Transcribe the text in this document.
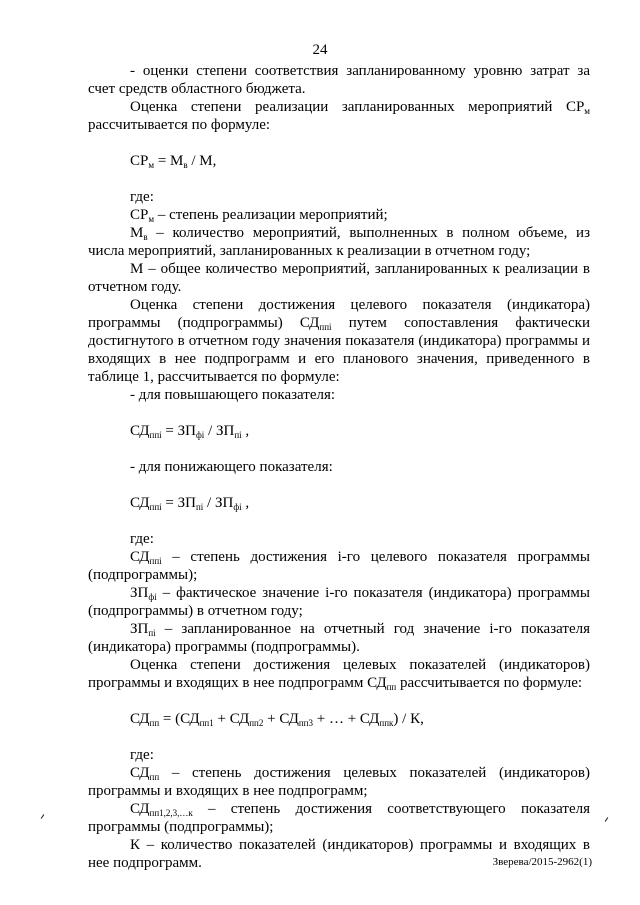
24

- оценки степени соответствия запланированному уровню затрат за счет средств областного бюджета.

Оценка степени реализации запланированных мероприятий $СР_м$ рассчитывается по формуле:

$СР_м = М_в / М$,

где:

$СР_м$ – степень реализации мероприятий;

$М_в$ – количество мероприятий, выполненных в полном объеме, из числа мероприятий, запланированных к реализации в отчетном году;

М – общее количество мероприятий, запланированных к реализации в отчетном году.

Оценка степени достижения целевого показателя (индикатора) программы (подпрограммы) $СД_{ппi}$ путем сопоставления фактически достигнутого в отчетном году значения показателя (индикатора) программы и входящих в нее подпрограмм и его планового значения, приведенного в таблице 1, рассчитывается по формуле:

- для повышающего показателя:

$СД_{ппi} = ЗП_{фi} / ЗП_{пi}$ ,

- для понижающего показателя:

$СД_{ппi} = ЗП_{пi} / ЗП_{фi}$ ,

где:

$СД_{ппi}$ – степень достижения i-го целевого показателя программы (подпрограммы);

$ЗП_{фi}$ – фактическое значение i-го показателя (индикатора) программы (подпрограммы) в отчетном году;

$ЗП_{пi}$ – запланированное на отчетный год значение i-го показателя (индикатора) программы (подпрограммы).

Оценка степени достижения целевых показателей (индикаторов) программы и входящих в нее подпрограмм $СД_{пп}$ рассчитывается по формуле:

$СД_{пп} = (СД_{пп1} + СД_{пп2} + СД_{пп3}$ + … + $СД_{ппк}$) / К,

где:

$СД_{пп}$ – степень достижения целевых показателей (индикаторов) программы и входящих в нее подпрограмм;

$СД_{пп1,2,3,\dots к}$ – степень достижения соответствующего показателя программы (подпрограммы);

К – количество показателей (индикаторов) программы и входящих в нее подпрограмм.	Зверева/2015-2962(1)
